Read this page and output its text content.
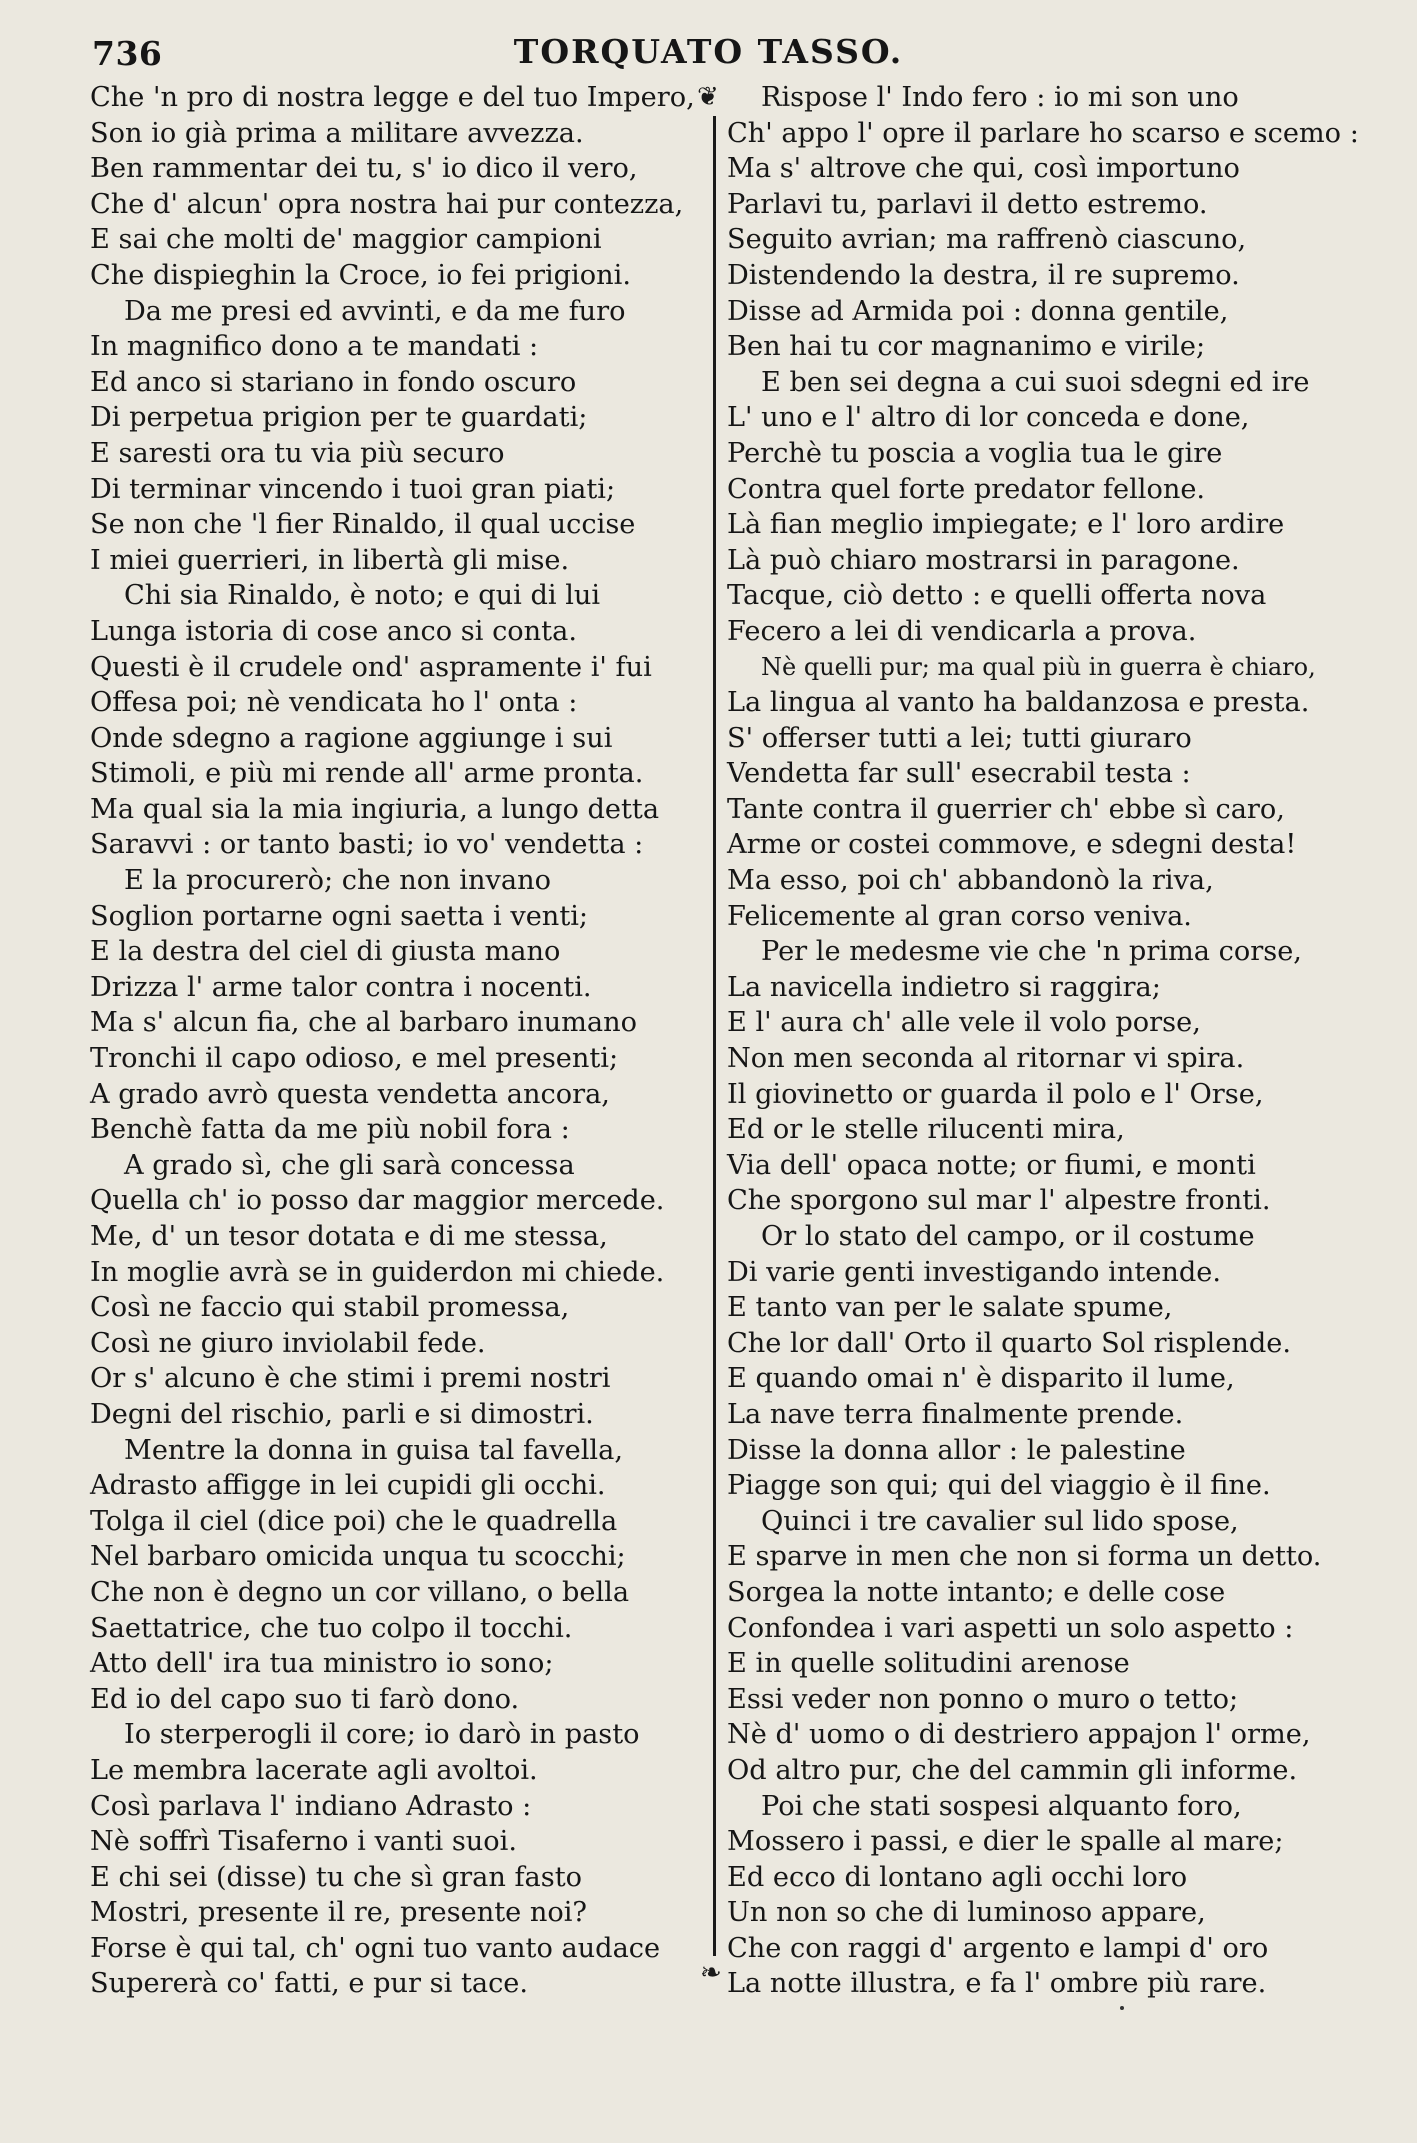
736	TORQUATO TASSO.
Che 'n pro di nostra legge e del tuo Impero,
Son io già prima a militare avvezza.
Ben rammentar dei tu, s' io dico il vero,
Che d' alcun' opra nostra hai pur contezza,
E sai che molti de' maggior campioni
Che dispieghin la Croce, io fei prigioni.
Da me presi ed avvinti, e da me furo
In magnifico dono a te mandati :
Ed anco si stariano in fondo oscuro
Di perpetua prigion per te guardati;
E saresti ora tu via più securo
Di terminar vincendo i tuoi gran piati;
Se non che 'l fier Rinaldo, il qual uccise
I miei guerrieri, in libertà gli mise.
Chi sia Rinaldo, è noto; e qui di lui
Lunga istoria di cose anco si conta.
Questi è il crudele ond' aspramente i' fui
Offesa poi; nè vendicata ho l' onta :
Onde sdegno a ragione aggiunge i sui
Stimoli, e più mi rende all' arme pronta.
Ma qual sia la mia ingiuria, a lungo detta
Saravvi : or tanto basti; io vo' vendetta :
E la procurerò; che non invano
Soglion portarne ogni saetta i venti;
E la destra del ciel di giusta mano
Drizza l' arme talor contra i nocenti.
Ma s' alcun fia, che al barbaro inumano
Tronchi il capo odioso, e mel presenti;
A grado avrò questa vendetta ancora,
Benchè fatta da me più nobil fora :
A grado sì, che gli sarà concessa
Quella ch' io posso dar maggior mercede.
Me, d' un tesor dotata e di me stessa,
In moglie avrà se in guiderdon mi chiede.
Così ne faccio qui stabil promessa,
Così ne giuro inviolabil fede.
Or s' alcuno è che stimi i premi nostri
Degni del rischio, parli e si dimostri.
Mentre la donna in guisa tal favella,
Adrasto affigge in lei cupidi gli occhi.
Tolga il ciel (dice poi) che le quadrella
Nel barbaro omicida unqua tu scocchi;
Che non è degno un cor villano, o bella
Saettatrice, che tuo colpo il tocchi.
Atto dell' ira tua ministro io sono;
Ed io del capo suo ti farò dono.
Io sterperogli il core; io darò in pasto
Le membra lacerate agli avoltoi.
Così parlava l' indiano Adrasto :
Nè soffrì Tisaferno i vanti suoi.
E chi sei (disse) tu che sì gran fasto
Mostri, presente il re, presente noi?
Forse è qui tal, ch' ogni tuo vanto audace
Supererà co' fatti, e pur si tace.
Rispose l' Indo fero : io mi son uno
Ch' appo l' opre il parlare ho scarso e scemo :
Ma s' altrove che qui, così importuno
Parlavi tu, parlavi il detto estremo.
Seguito avrian; ma raffrenò ciascuno,
Distendendo la destra, il re supremo.
Disse ad Armida poi : donna gentile,
Ben hai tu cor magnanimo e virile;
E ben sei degna a cui suoi sdegni ed ire
L' uno e l' altro di lor conceda e done,
Perchè tu poscia a voglia tua le gire
Contra quel forte predator fellone.
Là fian meglio impiegate; e l' loro ardire
Là può chiaro mostrarsi in paragone.
Tacque, ciò detto : e quelli offerta nova
Fecero a lei di vendicarla a prova.
Nè quelli pur; ma qual più in guerra è chiaro,
La lingua al vanto ha baldanzosa e presta.
S' offerser tutti a lei; tutti giuraro
Vendetta far sull' esecrabil testa :
Tante contra il guerrier ch' ebbe sì caro,
Arme or costei commove, e sdegni desta!
Ma esso, poi ch' abbandonò la riva,
Felicemente al gran corso veniva.
Per le medesme vie che 'n prima corse,
La navicella indietro si raggira;
E l' aura ch' alle vele il volo porse,
Non men seconda al ritornar vi spira.
Il giovinetto or guarda il polo e l' Orse,
Ed or le stelle rilucenti mira,
Via dell' opaca notte; or fiumi, e monti
Che sporgono sul mar l' alpestre fronti.
Or lo stato del campo, or il costume
Di varie genti investigando intende.
E tanto van per le salate spume,
Che lor dall' Orto il quarto Sol risplende.
E quando omai n' è disparito il lume,
La nave terra finalmente prende.
Disse la donna allor : le palestine
Piagge son qui; qui del viaggio è il fine.
Quinci i tre cavalier sul lido spose,
E sparve in men che non si forma un detto.
Sorgea la notte intanto; e delle cose
Confondea i vari aspetti un solo aspetto :
E in quelle solitudini arenose
Essi veder non ponno o muro o tetto;
Nè d' uomo o di destriero appajon l' orme,
Od altro pur, che del cammin gli informe.
Poi che stati sospesi alquanto foro,
Mossero i passi, e dier le spalle al mare;
Ed ecco di lontano agli occhi loro
Un non so che di luminoso appare,
Che con raggi d' argento e lampi d' oro
La notte illustra, e fa l' ombre più rare.
❦
❧
